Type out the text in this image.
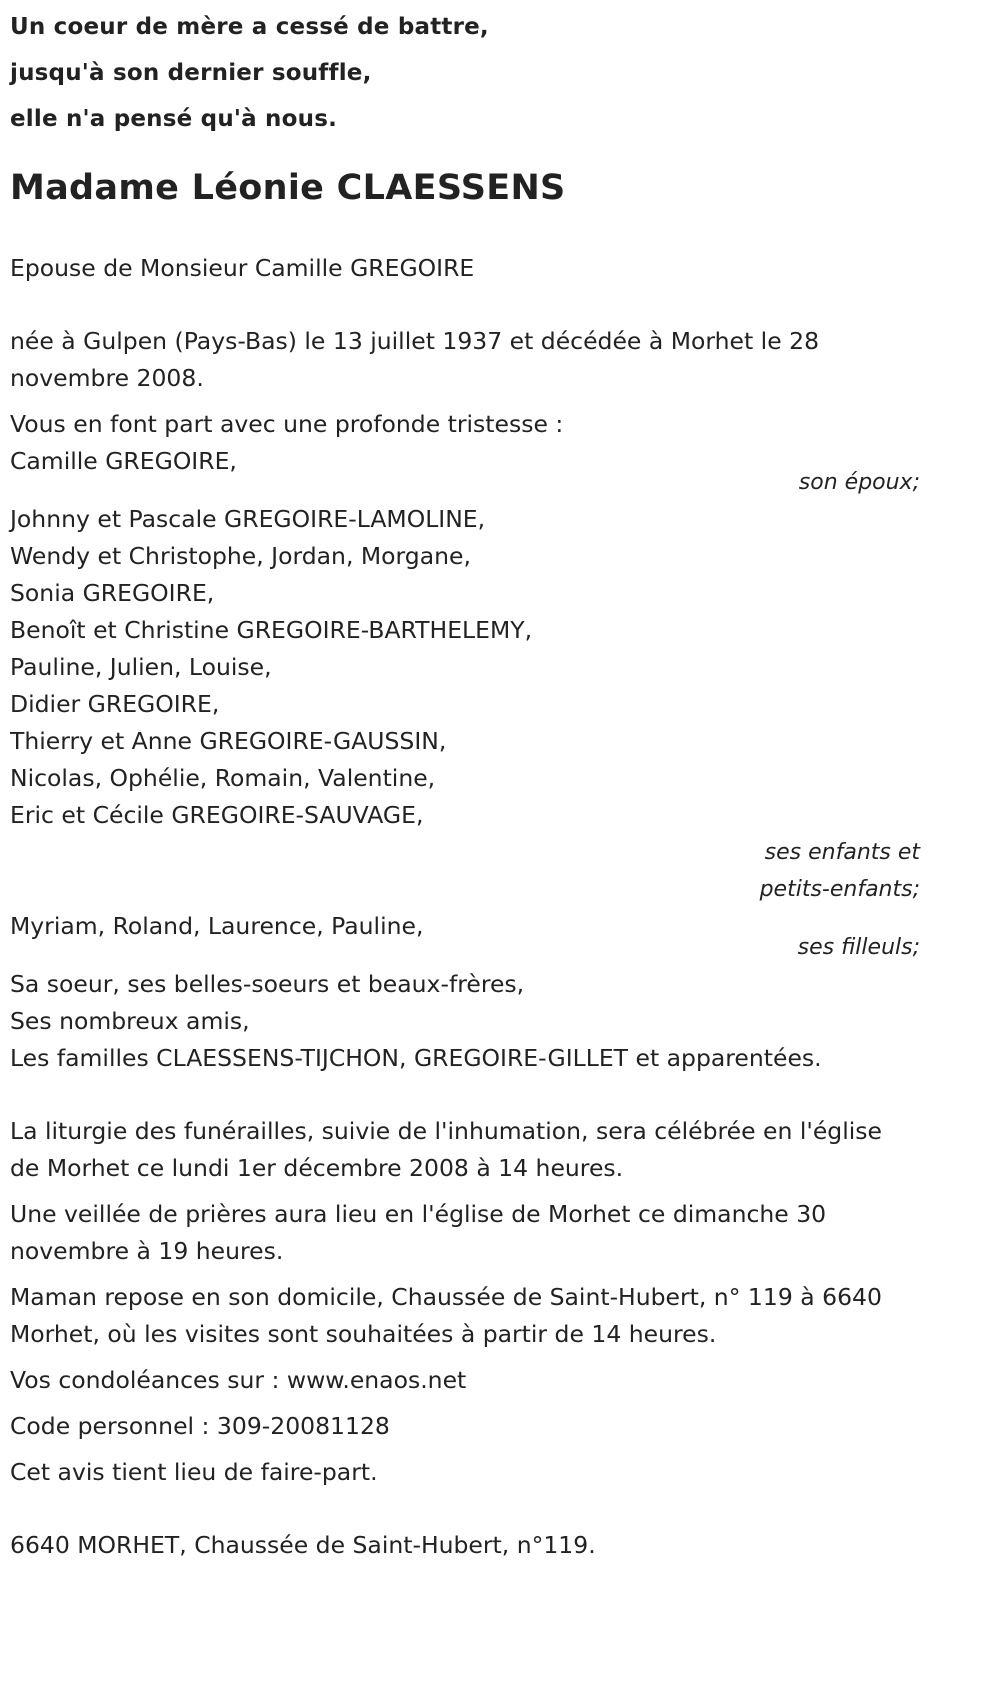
Un coeur de mère a cessé de battre,

jusqu'à son dernier souffle,

elle n'a pensé qu'à nous.

Madame Léonie CLAESSENS

Epouse de Monsieur Camille GREGOIRE

née à Gulpen (Pays-Bas) le 13 juillet 1937 et décédée à Morhet le 28

novembre 2008.

Vous en font part avec une profonde tristesse :

Camille GREGOIRE,

son époux;

Johnny et Pascale GREGOIRE-LAMOLINE,

Wendy et Christophe, Jordan, Morgane,

Sonia GREGOIRE,

Benoît et Christine GREGOIRE-BARTHELEMY,

Pauline, Julien, Louise,

Didier GREGOIRE,

Thierry et Anne GREGOIRE-GAUSSIN,

Nicolas, Ophélie, Romain, Valentine,

Eric et Cécile GREGOIRE-SAUVAGE,

ses enfants et

petits-enfants;

Myriam, Roland, Laurence, Pauline,

ses filleuls;

Sa soeur, ses belles-soeurs et beaux-frères,

Ses nombreux amis,

Les familles CLAESSENS-TIJCHON, GREGOIRE-GILLET et apparentées.

La liturgie des funérailles, suivie de l'inhumation, sera célébrée en l'église

de Morhet ce lundi 1er décembre 2008 à 14 heures.

Une veillée de prières aura lieu en l'église de Morhet ce dimanche 30

novembre à 19 heures.

Maman repose en son domicile, Chaussée de Saint-Hubert, n° 119 à 6640

Morhet, où les visites sont souhaitées à partir de 14 heures.

Vos condoléances sur : www.enaos.net

Code personnel : 309-20081128

Cet avis tient lieu de faire-part.

6640 MORHET, Chaussée de Saint-Hubert, n°119.
